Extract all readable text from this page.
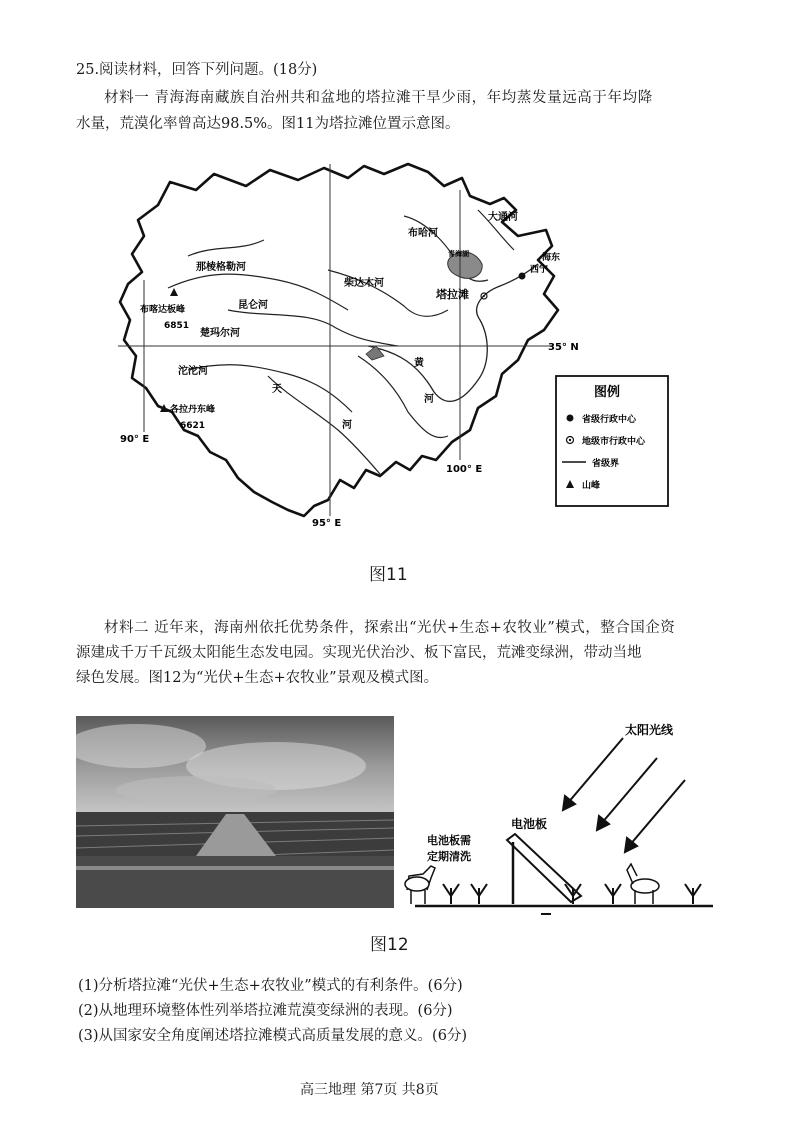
25.阅读材料，回答下列问题。(18分)
材料一 青海海南藏族自治州共和盆地的塔拉滩干旱少雨，年均蒸发量远高于年均降
水量，荒漠化率曾高达98.5%。图11为塔拉滩位置示意图。
那棱格勒河
昆仑河
柴达木河
楚玛尔河
沱沱河
天
河
黄
河
布哈河
大通河
青海湖
西宁
海东
塔拉滩
布喀达板峰
6851
各拉丹东峰
6621
35° N
90° E
95° E
100° E
图例
省级行政中心
地级市行政中心
省级界
山峰
图11
材料二 近年来，海南州依托优势条件，探索出“光伏+生态+农牧业”模式，整合国企资
源建成千万千瓦级太阳能生态发电园。实现光伏治沙、板下富民，荒滩变绿洲，带动当地
绿色发展。图12为“光伏+生态+农牧业”景观及模式图。
太阳光线
电池板
电池板需
定期清洗
图12
(1)分析塔拉滩“光伏+生态+农牧业”模式的有利条件。(6分)
(2)从地理环境整体性列举塔拉滩荒漠变绿洲的表现。(6分)
(3)从国家安全角度阐述塔拉滩模式高质量发展的意义。(6分)
高三地理 第7页 共8页
